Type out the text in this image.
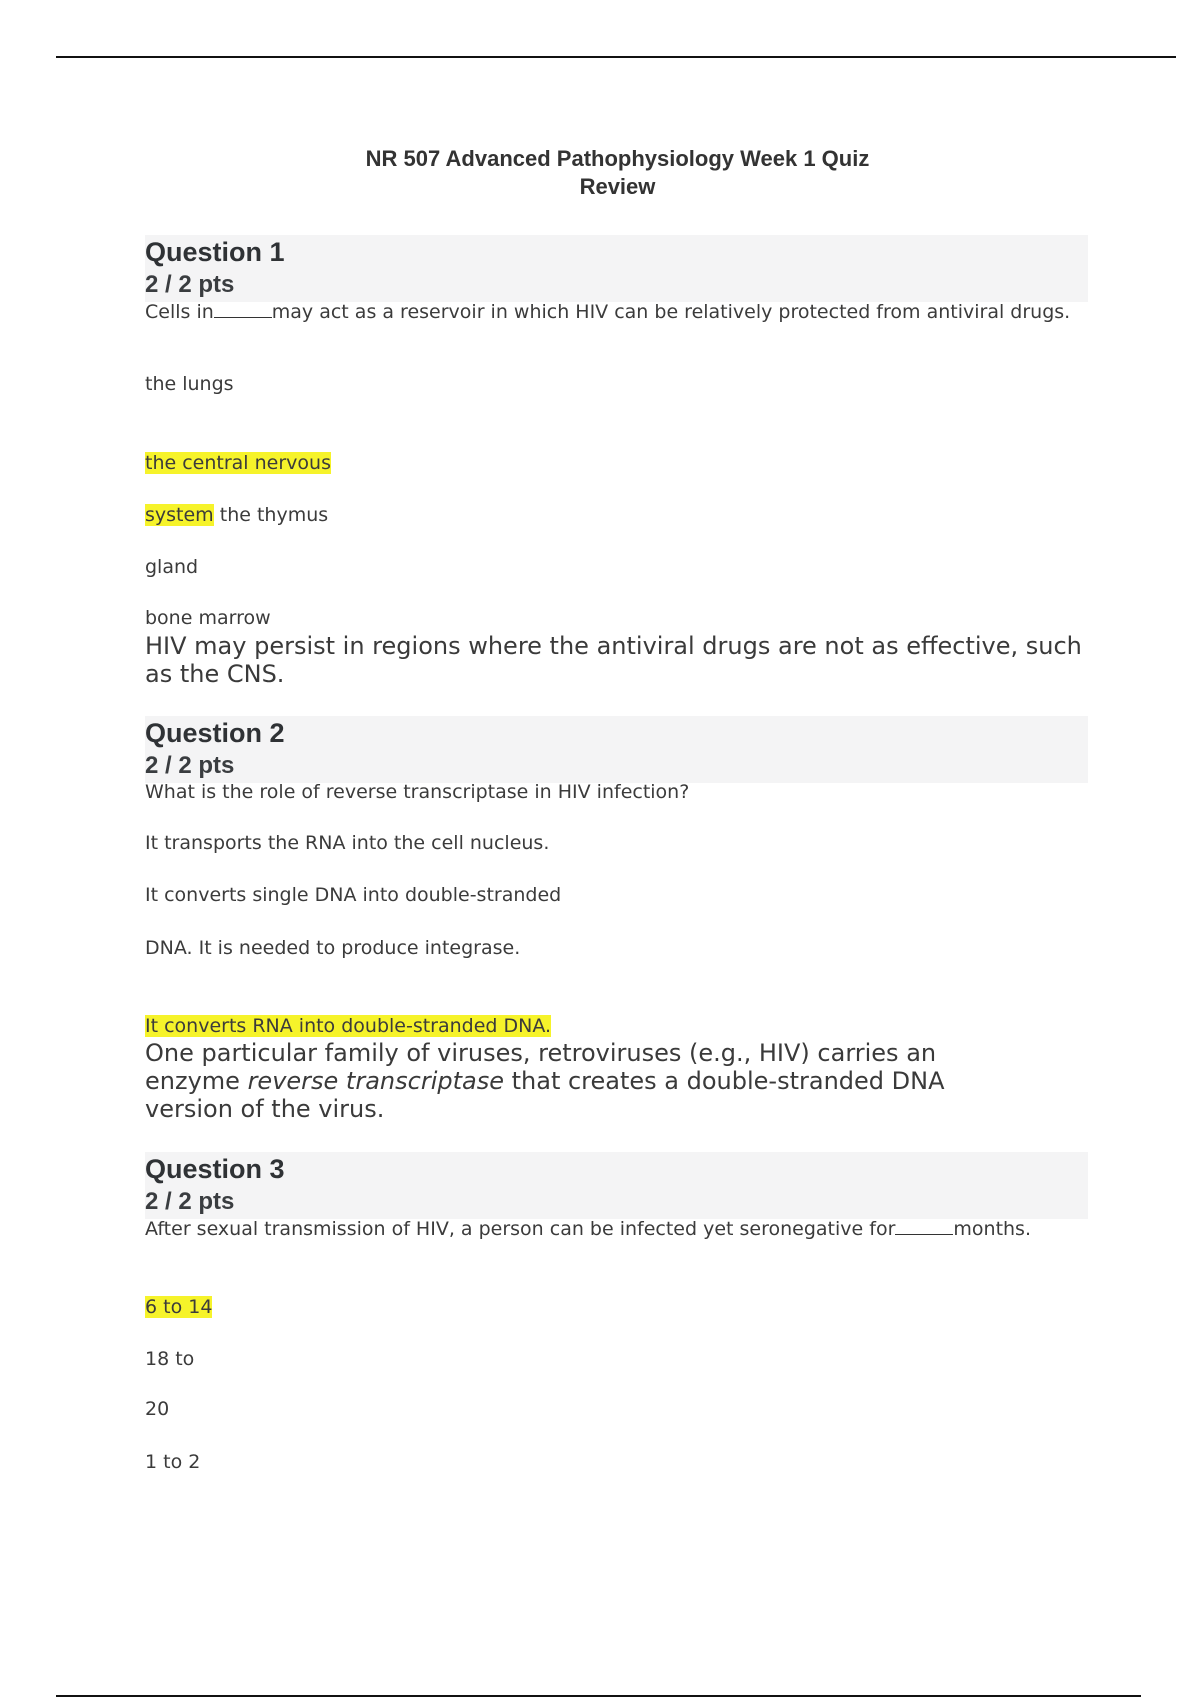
NR 507 Advanced Pathophysiology Week 1 Quiz
Review
Question 1
2 / 2 pts
Cells in	may act as a reservoir in which HIV can be relatively protected from antiviral drugs.
the lungs
the central nervous
system the thymus
gland
bone marrow
HIV may persist in regions where the antiviral drugs are not as effective, such as the CNS.
Question 2
2 / 2 pts
What is the role of reverse transcriptase in HIV infection?
It transports the RNA into the cell nucleus.
It converts single DNA into double-stranded
DNA. It is needed to produce integrase.
It converts RNA into double-stranded DNA.
One particular family of viruses, retroviruses (e.g., HIV) carries an enzyme reverse transcriptase that creates a double-stranded DNA version of the virus.
Question 3
2 / 2 pts
After sexual transmission of HIV, a person can be infected yet seronegative for	months.
6 to 14
18 to
20
1 to 2
